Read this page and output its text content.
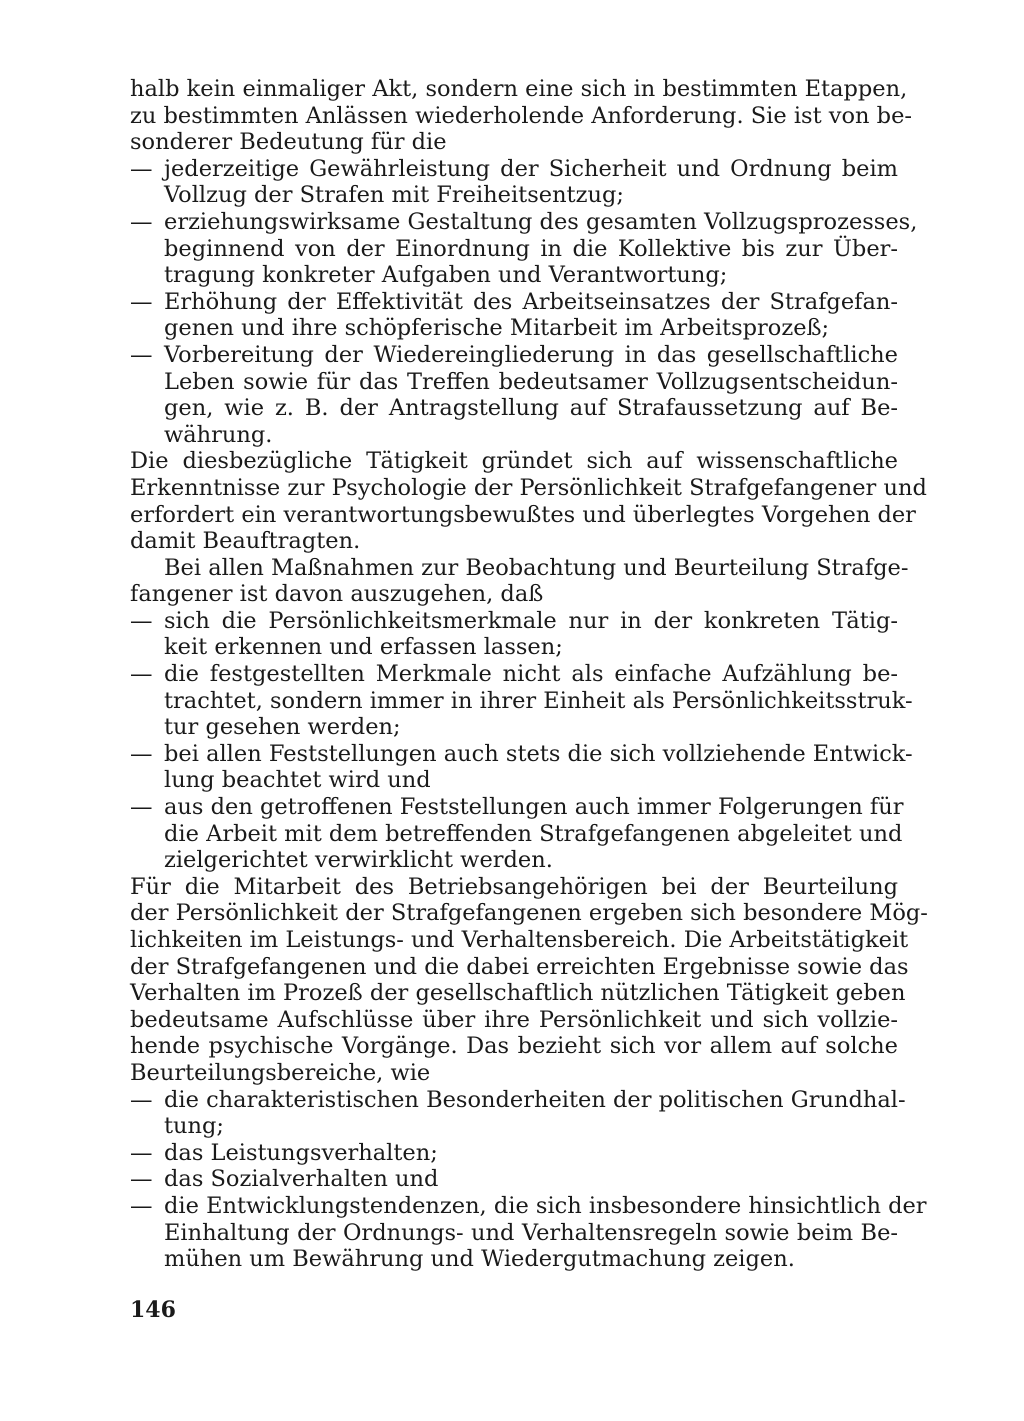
halb kein einmaliger Akt, sondern eine sich in bestimmten Etappen,
zu bestimmten Anlässen wiederholende Anforderung. Sie ist von be-
sonderer Bedeutung für die
— jederzeitige Gewährleistung der Sicherheit und Ordnung beim
Vollzug der Strafen mit Freiheitsentzug;
— erziehungswirksame Gestaltung des gesamten Vollzugsprozesses,
beginnend von der Einordnung in die Kollektive bis zur Über-
tragung konkreter Aufgaben und Verantwortung;
— Erhöhung der Effektivität des Arbeitseinsatzes der Strafgefan-
genen und ihre schöpferische Mitarbeit im Arbeitsprozeß;
— Vorbereitung der Wiedereingliederung in das gesellschaftliche
Leben sowie für das Treffen bedeutsamer Vollzugsentscheidun-
gen, wie z. B. der Antragstellung auf Strafaussetzung auf Be-
währung.
Die diesbezügliche Tätigkeit gründet sich auf wissenschaftliche
Erkenntnisse zur Psychologie der Persönlichkeit Strafgefangener und
erfordert ein verantwortungsbewußtes und überlegtes Vorgehen der
damit Beauftragten.
Bei allen Maßnahmen zur Beobachtung und Beurteilung Strafge-
fangener ist davon auszugehen, daß
— sich die Persönlichkeitsmerkmale nur in der konkreten Tätig-
keit erkennen und erfassen lassen;
— die festgestellten Merkmale nicht als einfache Aufzählung be-
trachtet, sondern immer in ihrer Einheit als Persönlichkeitsstruk-
tur gesehen werden;
— bei allen Feststellungen auch stets die sich vollziehende Entwick-
lung beachtet wird und
— aus den getroffenen Feststellungen auch immer Folgerungen für
die Arbeit mit dem betreffenden Strafgefangenen abgeleitet und
zielgerichtet verwirklicht werden.
Für die Mitarbeit des Betriebsangehörigen bei der Beurteilung
der Persönlichkeit der Strafgefangenen ergeben sich besondere Mög-
lichkeiten im Leistungs- und Verhaltensbereich. Die Arbeitstätigkeit
der Strafgefangenen und die dabei erreichten Ergebnisse sowie das
Verhalten im Prozeß der gesellschaftlich nützlichen Tätigkeit geben
bedeutsame Aufschlüsse über ihre Persönlichkeit und sich vollzie-
hende psychische Vorgänge. Das bezieht sich vor allem auf solche
Beurteilungsbereiche, wie
— die charakteristischen Besonderheiten der politischen Grundhal-
tung;
— das Leistungsverhalten;
— das Sozialverhalten und
— die Entwicklungstendenzen, die sich insbesondere hinsichtlich der
Einhaltung der Ordnungs- und Verhaltensregeln sowie beim Be-
mühen um Bewährung und Wiedergutmachung zeigen.
146
